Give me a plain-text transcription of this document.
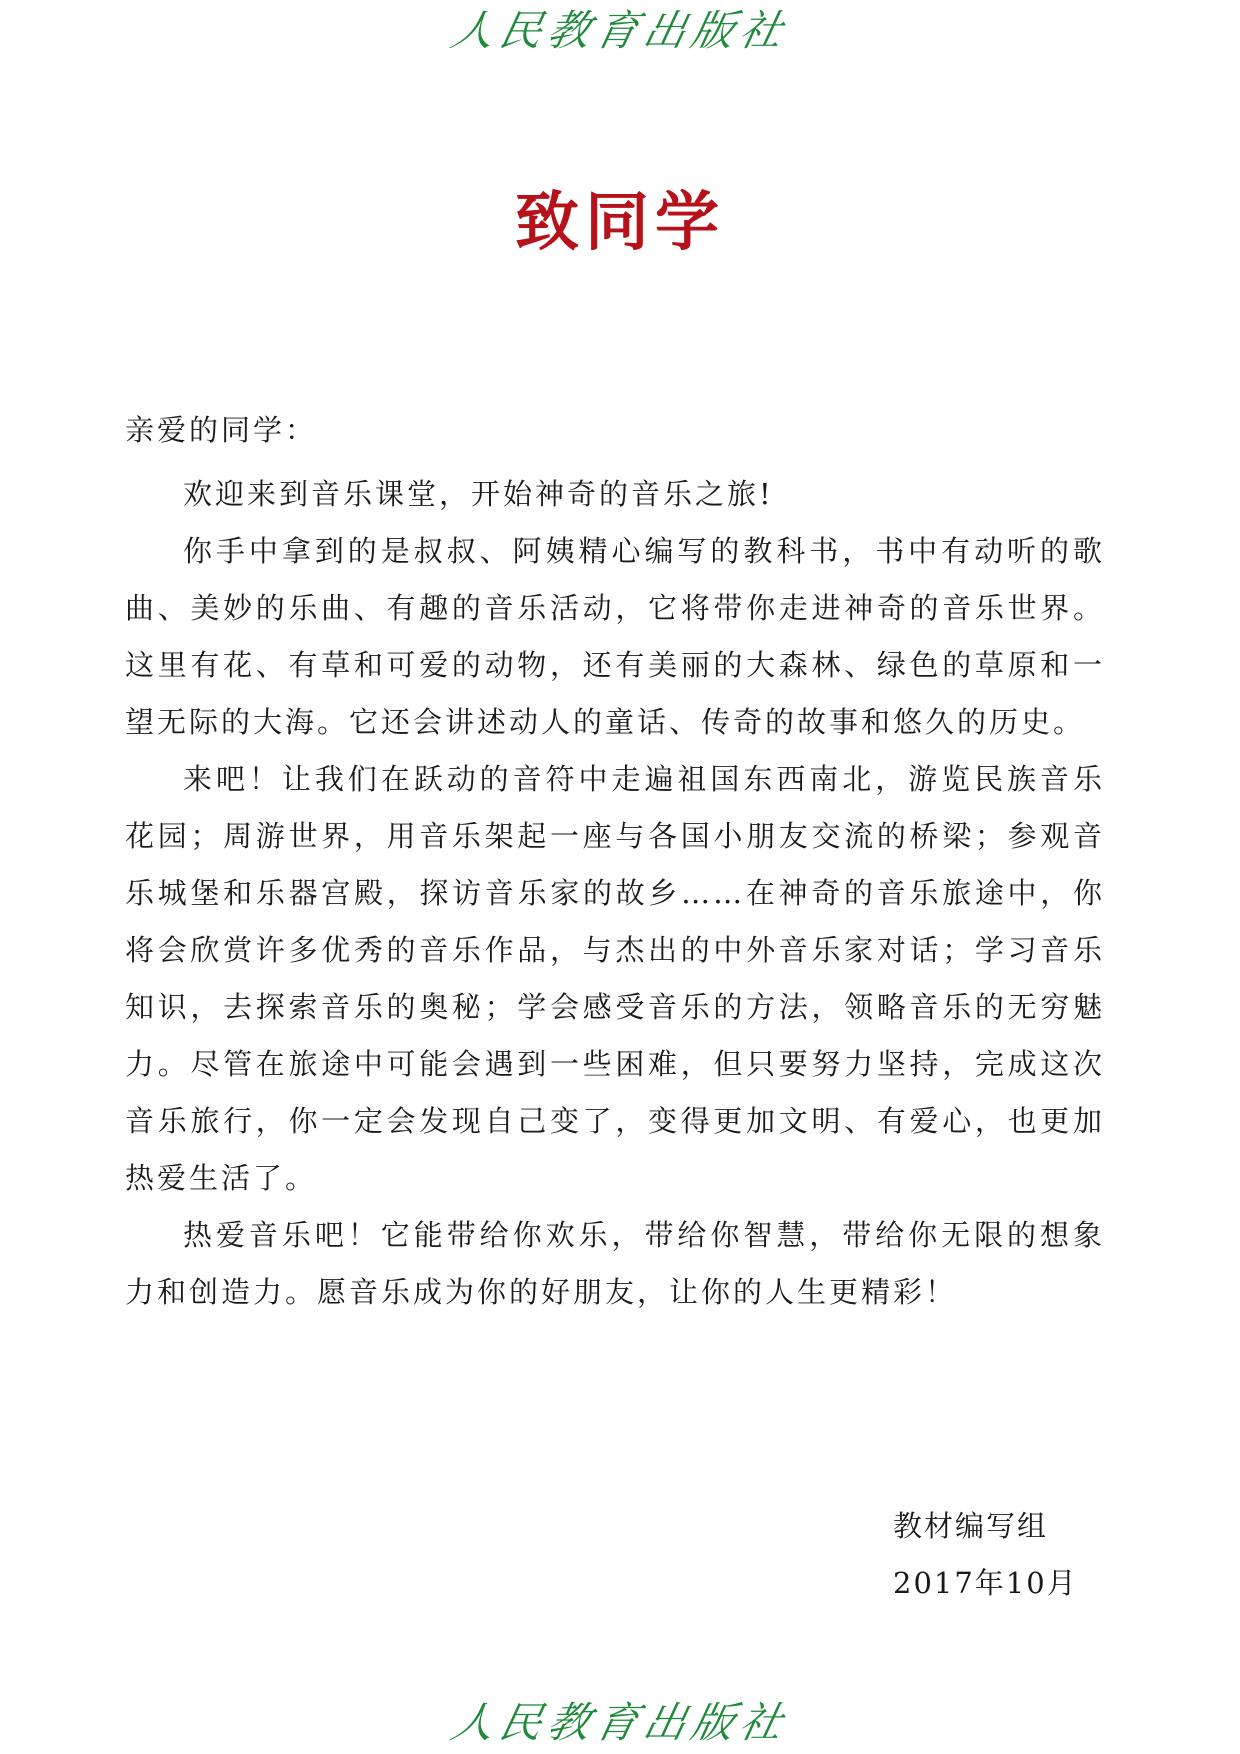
人民教育出版社
致同学

亲爱的同学：

欢迎来到音乐课堂，开始神奇的音乐之旅!

你手中拿到的是叔叔、阿姨精心编写的教科书，书中有动听的歌曲、美妙的乐曲、有趣的音乐活动，它将带你走进神奇的音乐世界。这里有花、有草和可爱的动物，还有美丽的大森林、绿色的草原和一望无际的大海。它还会讲述动人的童话、传奇的故事和悠久的历史。

来吧！让我们在跃动的音符中走遍祖国东西南北，游览民族音乐花园；周游世界，用音乐架起一座与各国小朋友交流的桥梁；参观音乐城堡和乐器宫殿，探访音乐家的故乡……在神奇的音乐旅途中，你将会欣赏许多优秀的音乐作品，与杰出的中外音乐家对话；学习音乐知识，去探索音乐的奥秘；学会感受音乐的方法，领略音乐的无穷魅力。尽管在旅途中可能会遇到一些困难，但只要努力坚持，完成这次音乐旅行，你一定会发现自己变了，变得更加文明、有爱心，也更加热爱生活了。

热爱音乐吧！它能带给你欢乐，带给你智慧，带给你无限的想象力和创造力。愿音乐成为你的好朋友，让你的人生更精彩！

教材编写组
2017年10月
人民教育出版社
